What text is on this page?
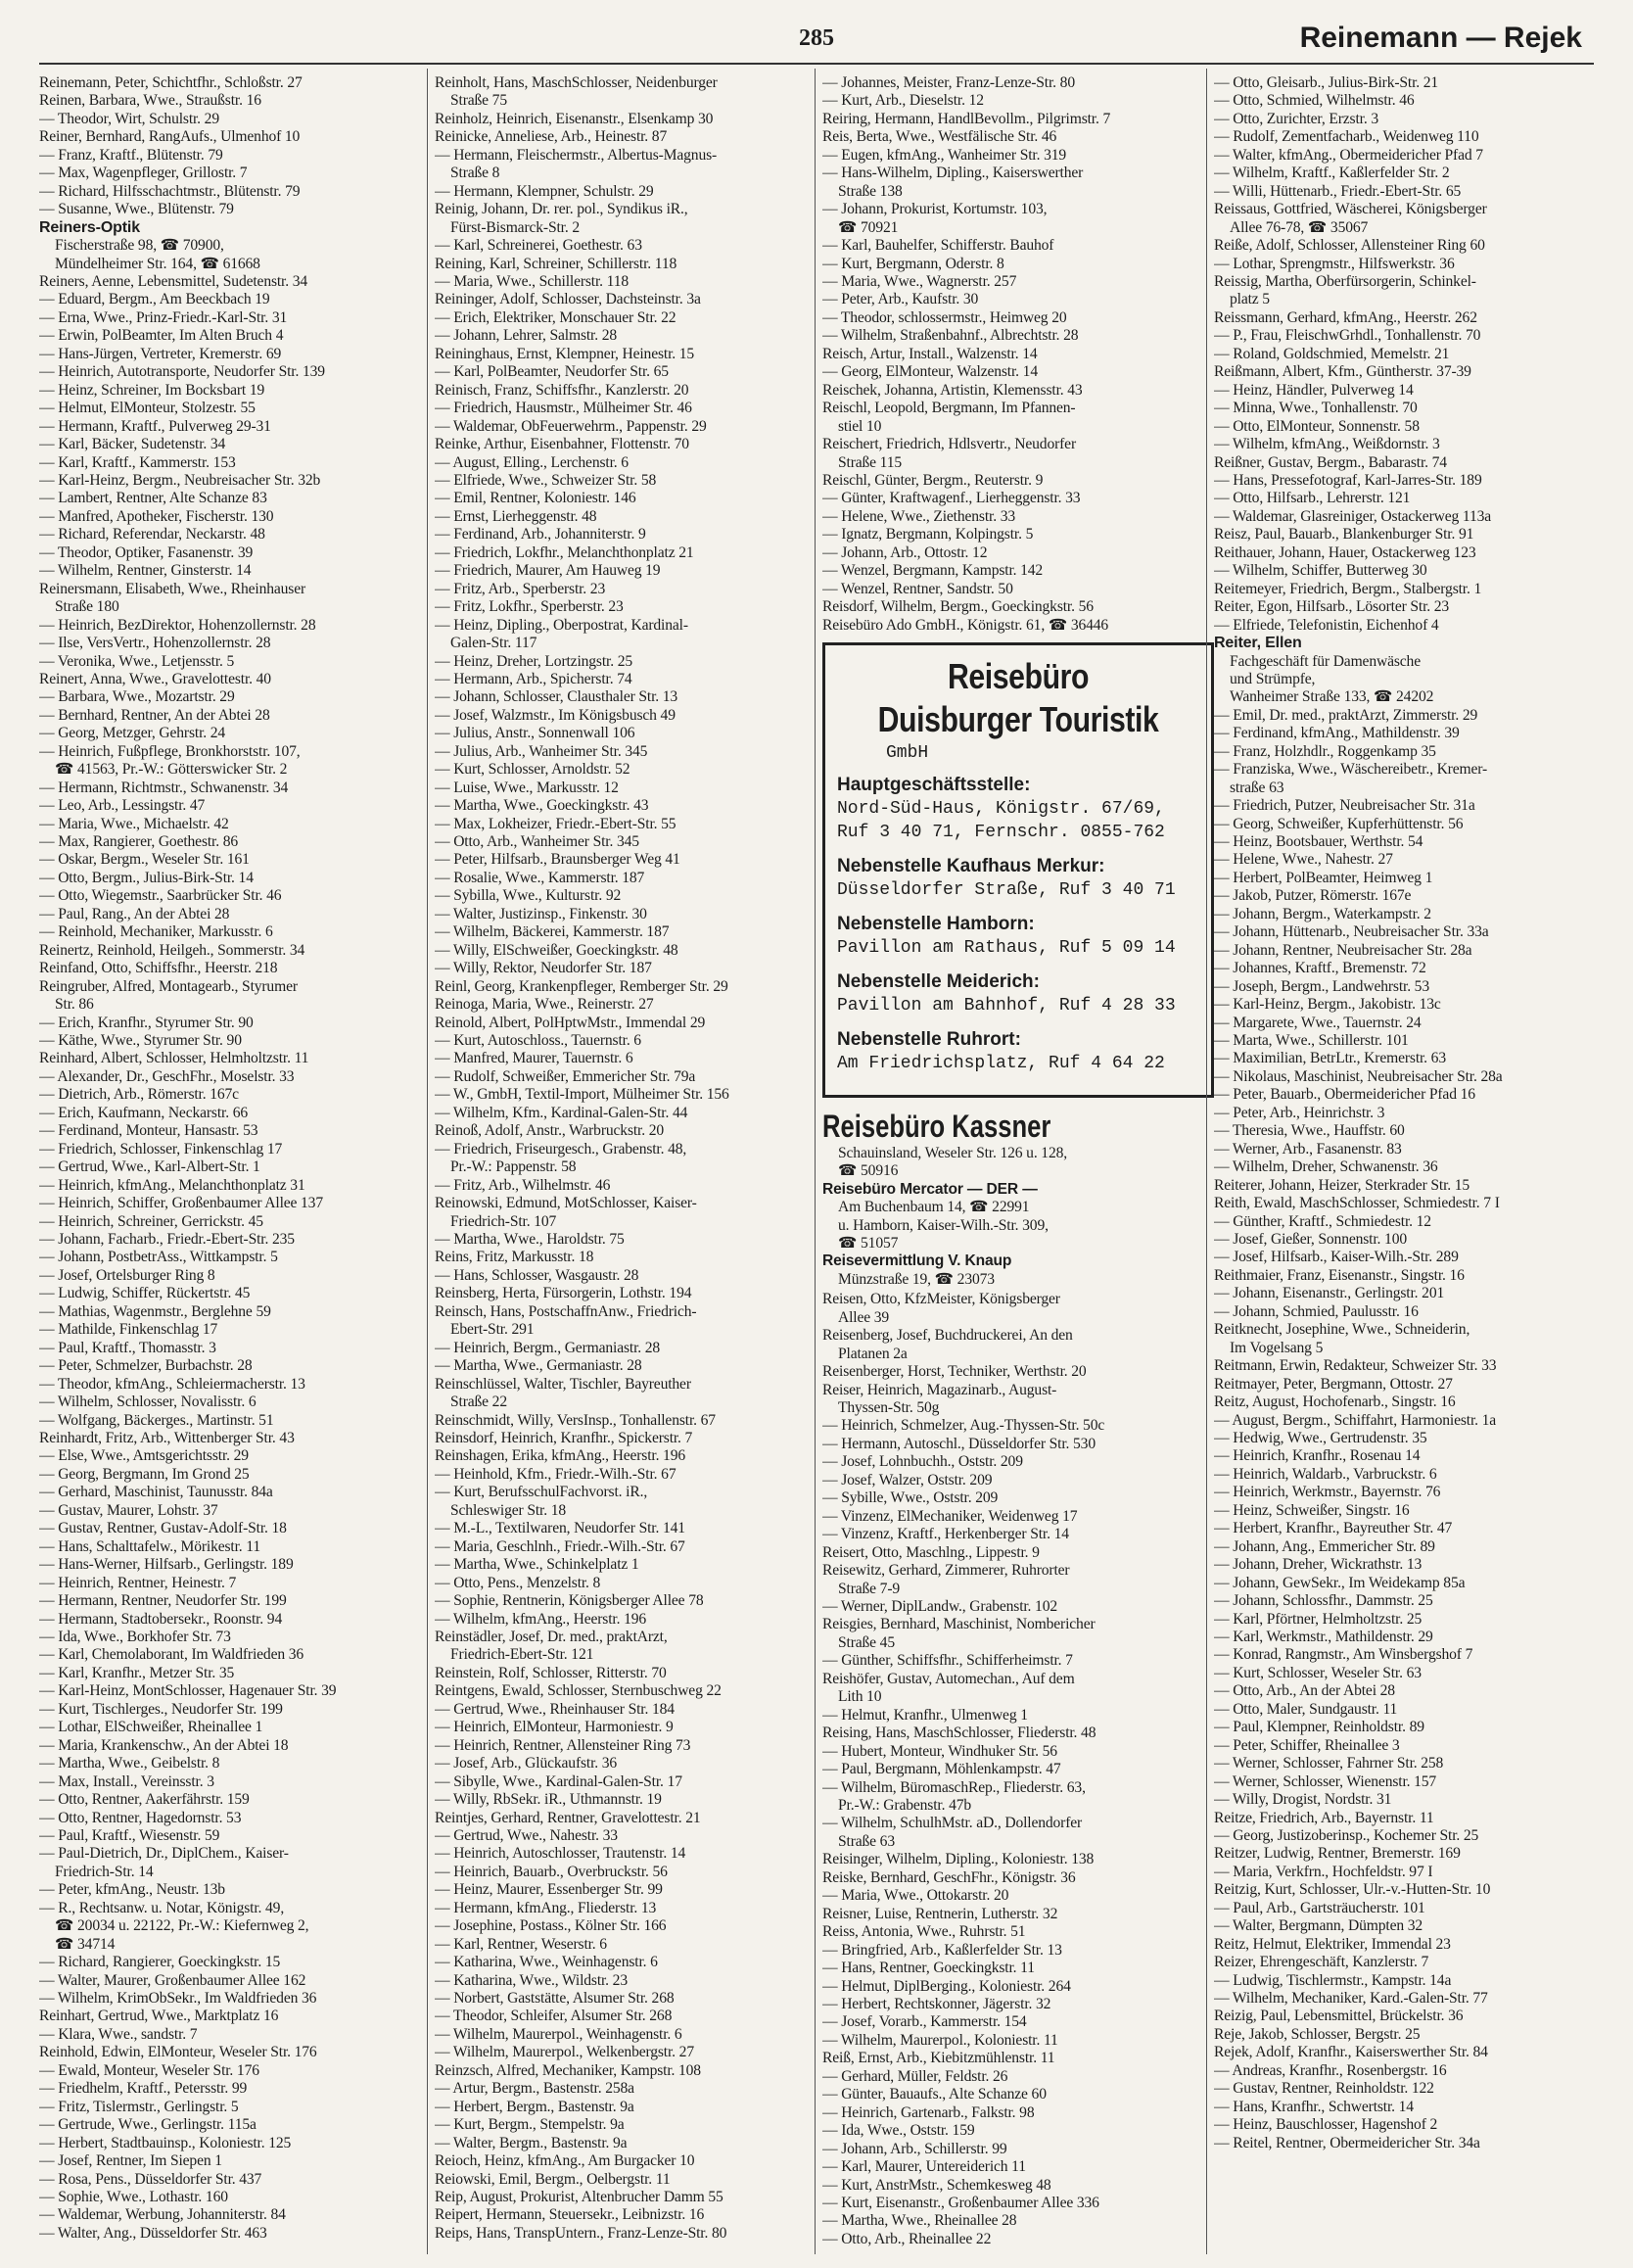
285	Reinemann — Rejek

Reinemann, Peter, Schichtfhr., Schloßstr. 27

Reinen, Barbara, Wwe., Straußstr. 16

— Theodor, Wirt, Schulstr. 29

Reiner, Bernhard, RangAufs., Ulmenhof 10

— Franz, Kraftf., Blütenstr. 79

— Max, Wagenpfleger, Grillostr. 7

— Richard, Hilfsschachtmstr., Blütenstr. 79

— Susanne, Wwe., Blütenstr. 79

Reiners-Optik

Fischerstraße 98, ☎ 70900,

Mündelheimer Str. 164, ☎ 61668

Reiners, Aenne, Lebensmittel, Sudetenstr. 34

— Eduard, Bergm., Am Beeckbach 19

— Erna, Wwe., Prinz-Friedr.-Karl-Str. 31

— Erwin, PolBeamter, Im Alten Bruch 4

— Hans-Jürgen, Vertreter, Kremerstr. 69

— Heinrich, Autotransporte, Neudorfer Str. 139

— Heinz, Schreiner, Im Bocksbart 19

— Helmut, ElMonteur, Stolzestr. 55

— Hermann, Kraftf., Pulverweg 29-31

— Karl, Bäcker, Sudetenstr. 34

— Karl, Kraftf., Kammerstr. 153

— Karl-Heinz, Bergm., Neubreisacher Str. 32b

— Lambert, Rentner, Alte Schanze 83

— Manfred, Apotheker, Fischerstr. 130

— Richard, Referendar, Neckarstr. 48

— Theodor, Optiker, Fasanenstr. 39

— Wilhelm, Rentner, Ginsterstr. 14

Reinersmann, Elisabeth, Wwe., Rheinhauser

Straße 180

— Heinrich, BezDirektor, Hohenzollernstr. 28

— Ilse, VersVertr., Hohenzollernstr. 28

— Veronika, Wwe., Letjensstr. 5

Reinert, Anna, Wwe., Gravelottestr. 40

— Barbara, Wwe., Mozartstr. 29

— Bernhard, Rentner, An der Abtei 28

— Georg, Metzger, Gehrstr. 24

— Heinrich, Fußpflege, Bronkhorststr. 107,

☎ 41563, Pr.-W.: Götterswicker Str. 2

— Hermann, Richtmstr., Schwanenstr. 34

— Leo, Arb., Lessingstr. 47

— Maria, Wwe., Michaelstr. 42

— Max, Rangierer, Goethestr. 86

— Oskar, Bergm., Weseler Str. 161

— Otto, Bergm., Julius-Birk-Str. 14

— Otto, Wiegemstr., Saarbrücker Str. 46

— Paul, Rang., An der Abtei 28

— Reinhold, Mechaniker, Markusstr. 6

Reinertz, Reinhold, Heilgeh., Sommerstr. 34

Reinfand, Otto, Schiffsfhr., Heerstr. 218

Reingruber, Alfred, Montagearb., Styrumer

Str. 86

— Erich, Kranfhr., Styrumer Str. 90

— Käthe, Wwe., Styrumer Str. 90

Reinhard, Albert, Schlosser, Helmholtzstr. 11

— Alexander, Dr., GeschFhr., Moselstr. 33

— Dietrich, Arb., Römerstr. 167c

— Erich, Kaufmann, Neckarstr. 66

— Ferdinand, Monteur, Hansastr. 53

— Friedrich, Schlosser, Finkenschlag 17

— Gertrud, Wwe., Karl-Albert-Str. 1

— Heinrich, kfmAng., Melanchthonplatz 31

— Heinrich, Schiffer, Großenbaumer Allee 137

— Heinrich, Schreiner, Gerrickstr. 45

— Johann, Facharb., Friedr.-Ebert-Str. 235

— Johann, PostbetrAss., Wittkampstr. 5

— Josef, Ortelsburger Ring 8

— Ludwig, Schiffer, Rückertstr. 45

— Mathias, Wagenmstr., Berglehne 59

— Mathilde, Finkenschlag 17

— Paul, Kraftf., Thomasstr. 3

— Peter, Schmelzer, Burbachstr. 28

— Theodor, kfmAng., Schleiermacherstr. 13

— Wilhelm, Schlosser, Novalisstr. 6

— Wolfgang, Bäckerges., Martinstr. 51

Reinhardt, Fritz, Arb., Wittenberger Str. 43

— Else, Wwe., Amtsgerichtsstr. 29

— Georg, Bergmann, Im Grond 25

— Gerhard, Maschinist, Taunusstr. 84a

— Gustav, Maurer, Lohstr. 37

— Gustav, Rentner, Gustav-Adolf-Str. 18

— Hans, Schalttafelw., Mörikestr. 11

— Hans-Werner, Hilfsarb., Gerlingstr. 189

— Heinrich, Rentner, Heinestr. 7

— Hermann, Rentner, Neudorfer Str. 199

— Hermann, Stadtobersekr., Roonstr. 94

— Ida, Wwe., Borkhofer Str. 73

— Karl, Chemolaborant, Im Waldfrieden 36

— Karl, Kranfhr., Metzer Str. 35

— Karl-Heinz, MontSchlosser, Hagenauer Str. 39

— Kurt, Tischlerges., Neudorfer Str. 199

— Lothar, ElSchweißer, Rheinallee 1

— Maria, Krankenschw., An der Abtei 18

— Martha, Wwe., Geibelstr. 8

— Max, Install., Vereinsstr. 3

— Otto, Rentner, Aakerfährstr. 159

— Otto, Rentner, Hagedornstr. 53

— Paul, Kraftf., Wiesenstr. 59

— Paul-Dietrich, Dr., DiplChem., Kaiser-

Friedrich-Str. 14

— Peter, kfmAng., Neustr. 13b

— R., Rechtsanw. u. Notar, Königstr. 49,

☎ 20034 u. 22122, Pr.-W.: Kiefernweg 2,

☎ 34714

— Richard, Rangierer, Goeckingkstr. 15

— Walter, Maurer, Großenbaumer Allee 162

— Wilhelm, KrimObSekr., Im Waldfrieden 36

Reinhart, Gertrud, Wwe., Marktplatz 16

— Klara, Wwe., sandstr. 7

Reinhold, Edwin, ElMonteur, Weseler Str. 176

— Ewald, Monteur, Weseler Str. 176

— Friedhelm, Kraftf., Petersstr. 99

— Fritz, Tislermstr., Gerlingstr. 5

— Gertrude, Wwe., Gerlingstr. 115a

— Herbert, Stadtbauinsp., Koloniestr. 125

— Josef, Rentner, Im Siepen 1

— Rosa, Pens., Düsseldorfer Str. 437

— Sophie, Wwe., Lothastr. 160

— Waldemar, Werbung, Johanniterstr. 84

— Walter, Ang., Düsseldorfer Str. 463

Reinholt, Hans, MaschSchlosser, Neidenburger

Straße 75

Reinholz, Heinrich, Eisenanstr., Elsenkamp 30

Reinicke, Anneliese, Arb., Heinestr. 87

— Hermann, Fleischermstr., Albertus-Magnus-

Straße 8

— Hermann, Klempner, Schulstr. 29

Reinig, Johann, Dr. rer. pol., Syndikus iR.,

Fürst-Bismarck-Str. 2

— Karl, Schreinerei, Goethestr. 63

Reining, Karl, Schreiner, Schillerstr. 118

— Maria, Wwe., Schillerstr. 118

Reininger, Adolf, Schlosser, Dachsteinstr. 3a

— Erich, Elektriker, Monschauer Str. 22

— Johann, Lehrer, Salmstr. 28

Reininghaus, Ernst, Klempner, Heinestr. 15

— Karl, PolBeamter, Neudorfer Str. 65

Reinisch, Franz, Schiffsfhr., Kanzlerstr. 20

— Friedrich, Hausmstr., Mülheimer Str. 46

— Waldemar, ObFeuerwehrm., Pappenstr. 29

Reinke, Arthur, Eisenbahner, Flottenstr. 70

— August, Elling., Lerchenstr. 6

— Elfriede, Wwe., Schweizer Str. 58

— Emil, Rentner, Koloniestr. 146

— Ernst, Lierheggenstr. 48

— Ferdinand, Arb., Johanniterstr. 9

— Friedrich, Lokfhr., Melanchthonplatz 21

— Friedrich, Maurer, Am Hauweg 19

— Fritz, Arb., Sperberstr. 23

— Fritz, Lokfhr., Sperberstr. 23

— Heinz, Dipling., Oberpostrat, Kardinal-

Galen-Str. 117

— Heinz, Dreher, Lortzingstr. 25

— Hermann, Arb., Spicherstr. 74

— Johann, Schlosser, Clausthaler Str. 13

— Josef, Walzmstr., Im Königsbusch 49

— Julius, Anstr., Sonnenwall 106

— Julius, Arb., Wanheimer Str. 345

— Kurt, Schlosser, Arnoldstr. 52

— Luise, Wwe., Markusstr. 12

— Martha, Wwe., Goeckingkstr. 43

— Max, Lokheizer, Friedr.-Ebert-Str. 55

— Otto, Arb., Wanheimer Str. 345

— Peter, Hilfsarb., Braunsberger Weg 41

— Rosalie, Wwe., Kammerstr. 187

— Sybilla, Wwe., Kulturstr. 92

— Walter, Justizinsp., Finkenstr. 30

— Wilhelm, Bäckerei, Kammerstr. 187

— Willy, ElSchweißer, Goeckingkstr. 48

— Willy, Rektor, Neudorfer Str. 187

Reinl, Georg, Krankenpfleger, Remberger Str. 29

Reinoga, Maria, Wwe., Reinerstr. 27

Reinold, Albert, PolHptwMstr., Immendal 29

— Kurt, Autoschloss., Tauernstr. 6

— Manfred, Maurer, Tauernstr. 6

— Rudolf, Schweißer, Emmericher Str. 79a

— W., GmbH, Textil-Import, Mülheimer Str. 156

— Wilhelm, Kfm., Kardinal-Galen-Str. 44

Reinoß, Adolf, Anstr., Warbruckstr. 20

— Friedrich, Friseurgesch., Grabenstr. 48,

Pr.-W.: Pappenstr. 58

— Fritz, Arb., Wilhelmstr. 46

Reinowski, Edmund, MotSchlosser, Kaiser-

Friedrich-Str. 107

— Martha, Wwe., Haroldstr. 75

Reins, Fritz, Markusstr. 18

— Hans, Schlosser, Wasgaustr. 28

Reinsberg, Herta, Fürsorgerin, Lothstr. 194

Reinsch, Hans, PostschaffnAnw., Friedrich-

Ebert-Str. 291

— Heinrich, Bergm., Germaniastr. 28

— Martha, Wwe., Germaniastr. 28

Reinschlüssel, Walter, Tischler, Bayreuther

Straße 22

Reinschmidt, Willy, VersInsp., Tonhallenstr. 67

Reinsdorf, Heinrich, Kranfhr., Spickerstr. 7

Reinshagen, Erika, kfmAng., Heerstr. 196

— Heinhold, Kfm., Friedr.-Wilh.-Str. 67

— Kurt, BerufsschulFachvorst. iR.,

Schleswiger Str. 18

— M.-L., Textilwaren, Neudorfer Str. 141

— Maria, Geschlnh., Friedr.-Wilh.-Str. 67

— Martha, Wwe., Schinkelplatz 1

— Otto, Pens., Menzelstr. 8

— Sophie, Rentnerin, Königsberger Allee 78

— Wilhelm, kfmAng., Heerstr. 196

Reinstädler, Josef, Dr. med., praktArzt,

Friedrich-Ebert-Str. 121

Reinstein, Rolf, Schlosser, Ritterstr. 70

Reintgens, Ewald, Schlosser, Sternbuschweg 22

— Gertrud, Wwe., Rheinhauser Str. 184

— Heinrich, ElMonteur, Harmoniestr. 9

— Heinrich, Rentner, Allensteiner Ring 73

— Josef, Arb., Glückaufstr. 36

— Sibylle, Wwe., Kardinal-Galen-Str. 17

— Willy, RbSekr. iR., Uthmannstr. 19

Reintjes, Gerhard, Rentner, Gravelottestr. 21

— Gertrud, Wwe., Nahestr. 33

— Heinrich, Autoschlosser, Trautenstr. 14

— Heinrich, Bauarb., Overbruckstr. 56

— Heinz, Maurer, Essenberger Str. 99

— Hermann, kfmAng., Fliederstr. 13

— Josephine, Postass., Kölner Str. 166

— Karl, Rentner, Weserstr. 6

— Katharina, Wwe., Weinhagenstr. 6

— Katharina, Wwe., Wildstr. 23

— Norbert, Gaststätte, Alsumer Str. 268

— Theodor, Schleifer, Alsumer Str. 268

— Wilhelm, Maurerpol., Weinhagenstr. 6

— Wilhelm, Maurerpol., Welkenbergstr. 27

Reinzsch, Alfred, Mechaniker, Kampstr. 108

— Artur, Bergm., Bastenstr. 258a

— Herbert, Bergm., Bastenstr. 9a

— Kurt, Bergm., Stempelstr. 9a

— Walter, Bergm., Bastenstr. 9a

Reioch, Heinz, kfmAng., Am Burgacker 10

Reiowski, Emil, Bergm., Oelbergstr. 11

Reip, August, Prokurist, Altenbrucher Damm 55

Reipert, Hermann, Steuersekr., Leibnizstr. 16

Reips, Hans, TranspUntern., Franz-Lenze-Str. 80

— Johannes, Meister, Franz-Lenze-Str. 80

— Kurt, Arb., Dieselstr. 12

Reiring, Hermann, HandlBevollm., Pilgrimstr. 7

Reis, Berta, Wwe., Westfälische Str. 46

— Eugen, kfmAng., Wanheimer Str. 319

— Hans-Wilhelm, Dipling., Kaiserswerther

Straße 138

— Johann, Prokurist, Kortumstr. 103,

☎ 70921

— Karl, Bauhelfer, Schifferstr. Bauhof

— Kurt, Bergmann, Oderstr. 8

— Maria, Wwe., Wagnerstr. 257

— Peter, Arb., Kaufstr. 30

— Theodor, schlossermstr., Heimweg 20

— Wilhelm, Straßenbahnf., Albrechtstr. 28

Reisch, Artur, Install., Walzenstr. 14

— Georg, ElMonteur, Walzenstr. 14

Reischek, Johanna, Artistin, Klemensstr. 43

Reischl, Leopold, Bergmann, Im Pfannen-

stiel 10

Reischert, Friedrich, Hdlsvertr., Neudorfer

Straße 115

Reischl, Günter, Bergm., Reuterstr. 9

— Günter, Kraftwagenf., Lierheggenstr. 33

— Helene, Wwe., Ziethenstr. 33

— Ignatz, Bergmann, Kolpingstr. 5

— Johann, Arb., Ottostr. 12

— Wenzel, Bergmann, Kampstr. 142

— Wenzel, Rentner, Sandstr. 50

Reisdorf, Wilhelm, Bergm., Goeckingkstr. 56

Reisebüro Ado GmbH., Königstr. 61, ☎ 36446

Reisebüro
Duisburger Touristik
GmbH
Hauptgeschäftsstelle:
Nord-Süd-Haus, Königstr. 67/69,
Ruf 3 40 71, Fernschr. 0855-762
Nebenstelle Kaufhaus Merkur:
Düsseldorfer Straße, Ruf 3 40 71
Nebenstelle Hamborn:
Pavillon am Rathaus, Ruf 5 09 14
Nebenstelle Meiderich:
Pavillon am Bahnhof, Ruf 4 28 33
Nebenstelle Ruhrort:
Am Friedrichsplatz, Ruf 4 64 22
Reisebüro Kassner

Schauinsland, Weseler Str. 126 u. 128,

☎ 50916

Reisebüro Mercator — DER —

Am Buchenbaum 14, ☎ 22991

u. Hamborn, Kaiser-Wilh.-Str. 309,

☎ 51057

Reisevermittlung V. Knaup

Münzstraße 19, ☎ 23073

Reisen, Otto, KfzMeister, Königsberger

Allee 39

Reisenberg, Josef, Buchdruckerei, An den

Platanen 2a

Reisenberger, Horst, Techniker, Werthstr. 20

Reiser, Heinrich, Magazinarb., August-

Thyssen-Str. 50g

— Heinrich, Schmelzer, Aug.-Thyssen-Str. 50c

— Hermann, Autoschl., Düsseldorfer Str. 530

— Josef, Lohnbuchh., Oststr. 209

— Josef, Walzer, Oststr. 209

— Sybille, Wwe., Oststr. 209

— Vinzenz, ElMechaniker, Weidenweg 17

— Vinzenz, Kraftf., Herkenberger Str. 14

Reisert, Otto, Maschlng., Lippestr. 9

Reisewitz, Gerhard, Zimmerer, Ruhrorter

Straße 7-9

— Werner, DiplLandw., Grabenstr. 102

Reisgies, Bernhard, Maschinist, Nombericher

Straße 45

— Günther, Schiffsfhr., Schifferheimstr. 7

Reishöfer, Gustav, Automechan., Auf dem

Lith 10

— Helmut, Kranfhr., Ulmenweg 1

Reising, Hans, MaschSchlosser, Fliederstr. 48

— Hubert, Monteur, Windhuker Str. 56

— Paul, Bergmann, Möhlenkampstr. 47

— Wilhelm, BüromaschRep., Fliederstr. 63,

Pr.-W.: Grabenstr. 47b

— Wilhelm, SchulhMstr. aD., Dollendorfer

Straße 63

Reisinger, Wilhelm, Dipling., Koloniestr. 138

Reiske, Bernhard, GeschFhr., Königstr. 36

— Maria, Wwe., Ottokarstr. 20

Reisner, Luise, Rentnerin, Lutherstr. 32

Reiss, Antonia, Wwe., Ruhrstr. 51

— Bringfried, Arb., Kaßlerfelder Str. 13

— Hans, Rentner, Goeckingkstr. 11

— Helmut, DiplBerging., Koloniestr. 264

— Herbert, Rechtskonner, Jägerstr. 32

— Josef, Vorarb., Kammerstr. 154

— Wilhelm, Maurerpol., Koloniestr. 11

Reiß, Ernst, Arb., Kiebitzmühlenstr. 11

— Gerhard, Müller, Feldstr. 26

— Günter, Bauaufs., Alte Schanze 60

— Heinrich, Gartenarb., Falkstr. 98

— Ida, Wwe., Oststr. 159

— Johann, Arb., Schillerstr. 99

— Karl, Maurer, Untereiderich 11

— Kurt, AnstrMstr., Schemkesweg 48

— Kurt, Eisenanstr., Großenbaumer Allee 336

— Martha, Wwe., Rheinallee 28

— Otto, Arb., Rheinallee 22

— Otto, Gleisarb., Julius-Birk-Str. 21

— Otto, Schmied, Wilhelmstr. 46

— Otto, Zurichter, Erzstr. 3

— Rudolf, Zementfacharb., Weidenweg 110

— Walter, kfmAng., Obermeidericher Pfad 7

— Wilhelm, Kraftf., Kaßlerfelder Str. 2

— Willi, Hüttenarb., Friedr.-Ebert-Str. 65

Reissaus, Gottfried, Wäscherei, Königsberger

Allee 76-78, ☎ 35067

Reiße, Adolf, Schlosser, Allensteiner Ring 60

— Lothar, Sprengmstr., Hilfswerkstr. 36

Reissig, Martha, Oberfürsorgerin, Schinkel-

platz 5

Reissmann, Gerhard, kfmAng., Heerstr. 262

— P., Frau, FleischwGrhdl., Tonhallenstr. 70

— Roland, Goldschmied, Memelstr. 21

Reißmann, Albert, Kfm., Güntherstr. 37-39

— Heinz, Händler, Pulverweg 14

— Minna, Wwe., Tonhallenstr. 70

— Otto, ElMonteur, Sonnenstr. 58

— Wilhelm, kfmAng., Weißdornstr. 3

Reißner, Gustav, Bergm., Babarastr. 74

— Hans, Pressefotograf, Karl-Jarres-Str. 189

— Otto, Hilfsarb., Lehrerstr. 121

— Waldemar, Glasreiniger, Ostackerweg 113a

Reisz, Paul, Bauarb., Blankenburger Str. 91

Reithauer, Johann, Hauer, Ostackerweg 123

— Wilhelm, Schiffer, Butterweg 30

Reitemeyer, Friedrich, Bergm., Stalbergstr. 1

Reiter, Egon, Hilfsarb., Lösorter Str. 23

— Elfriede, Telefonistin, Eichenhof 4

Reiter, Ellen

Fachgeschäft für Damenwäsche

und Strümpfe,

Wanheimer Straße 133, ☎ 24202

— Emil, Dr. med., praktArzt, Zimmerstr. 29

— Ferdinand, kfmAng., Mathildenstr. 39

— Franz, Holzhdlr., Roggenkamp 35

— Franziska, Wwe., Wäschereibetr., Kremer-

straße 63

— Friedrich, Putzer, Neubreisacher Str. 31a

— Georg, Schweißer, Kupferhüttenstr. 56

— Heinz, Bootsbauer, Werthstr. 54

— Helene, Wwe., Nahestr. 27

— Herbert, PolBeamter, Heimweg 1

— Jakob, Putzer, Römerstr. 167e

— Johann, Bergm., Waterkampstr. 2

— Johann, Hüttenarb., Neubreisacher Str. 33a

— Johann, Rentner, Neubreisacher Str. 28a

— Johannes, Kraftf., Bremenstr. 72

— Joseph, Bergm., Landwehrstr. 53

— Karl-Heinz, Bergm., Jakobistr. 13c

— Margarete, Wwe., Tauernstr. 24

— Marta, Wwe., Schillerstr. 101

— Maximilian, BetrLtr., Kremerstr. 63

— Nikolaus, Maschinist, Neubreisacher Str. 28a

— Peter, Bauarb., Obermeidericher Pfad 16

— Peter, Arb., Heinrichstr. 3

— Theresia, Wwe., Hauffstr. 60

— Werner, Arb., Fasanenstr. 83

— Wilhelm, Dreher, Schwanenstr. 36

Reiterer, Johann, Heizer, Sterkrader Str. 15

Reith, Ewald, MaschSchlosser, Schmiedestr. 7 I

— Günther, Kraftf., Schmiedestr. 12

— Josef, Gießer, Sonnenstr. 100

— Josef, Hilfsarb., Kaiser-Wilh.-Str. 289

Reithmaier, Franz, Eisenanstr., Singstr. 16

— Johann, Eisenanstr., Gerlingstr. 201

— Johann, Schmied, Paulusstr. 16

Reitknecht, Josephine, Wwe., Schneiderin,

Im Vogelsang 5

Reitmann, Erwin, Redakteur, Schweizer Str. 33

Reitmayer, Peter, Bergmann, Ottostr. 27

Reitz, August, Hochofenarb., Singstr. 16

— August, Bergm., Schiffahrt, Harmoniestr. 1a

— Hedwig, Wwe., Gertrudenstr. 35

— Heinrich, Kranfhr., Rosenau 14

— Heinrich, Waldarb., Varbruckstr. 6

— Heinrich, Werkmstr., Bayernstr. 76

— Heinz, Schweißer, Singstr. 16

— Herbert, Kranfhr., Bayreuther Str. 47

— Johann, Ang., Emmericher Str. 89

— Johann, Dreher, Wickrathstr. 13

— Johann, GewSekr., Im Weidekamp 85a

— Johann, Schlossfhr., Dammstr. 25

— Karl, Pförtner, Helmholtzstr. 25

— Karl, Werkmstr., Mathildenstr. 29

— Konrad, Rangmstr., Am Winsbergshof 7

— Kurt, Schlosser, Weseler Str. 63

— Otto, Arb., An der Abtei 28

— Otto, Maler, Sundgaustr. 11

— Paul, Klempner, Reinholdstr. 89

— Peter, Schiffer, Rheinallee 3

— Werner, Schlosser, Fahrner Str. 258

— Werner, Schlosser, Wienenstr. 157

— Willy, Drogist, Nordstr. 31

Reitze, Friedrich, Arb., Bayernstr. 11

— Georg, Justizoberinsp., Kochemer Str. 25

Reitzer, Ludwig, Rentner, Bremerstr. 169

— Maria, Verkfrn., Hochfeldstr. 97 I

Reitzig, Kurt, Schlosser, Ulr.-v.-Hutten-Str. 10

— Paul, Arb., Gartsträucherstr. 101

— Walter, Bergmann, Dümpten 32

Reitz, Helmut, Elektriker, Immendal 23

Reizer, Ehrengeschäft, Kanzlerstr. 7

— Ludwig, Tischlermstr., Kampstr. 14a

— Wilhelm, Mechaniker, Kard.-Galen-Str. 77

Reizig, Paul, Lebensmittel, Brückelstr. 36

Reje, Jakob, Schlosser, Bergstr. 25

Rejek, Adolf, Kranfhr., Kaiserswerther Str. 84

— Andreas, Kranfhr., Rosenbergstr. 16

— Gustav, Rentner, Reinholdstr. 122

— Hans, Kranfhr., Schwertstr. 14

— Heinz, Bauschlosser, Hagenshof 2

— Reitel, Rentner, Obermeidericher Str. 34a
